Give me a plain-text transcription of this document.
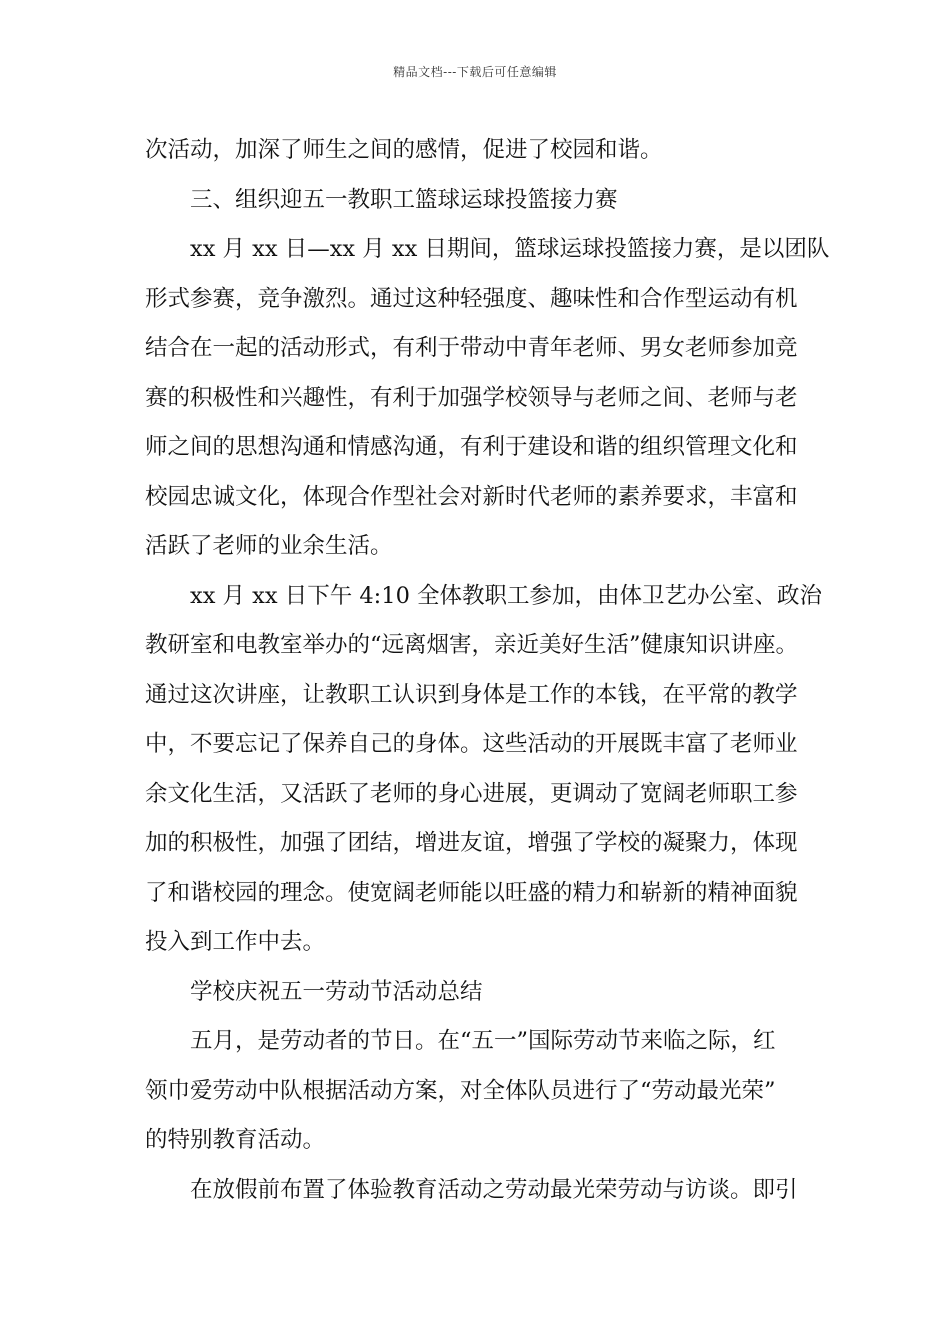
精品文档---下载后可任意编辑
次活动，加深了师生之间的感情，促进了校园和谐。
三、组织迎五一教职工篮球运球投篮接力赛
xx 月 xx 日—xx 月 xx 日期间，篮球运球投篮接力赛，是以团队
形式参赛，竞争激烈。通过这种轻强度、趣味性和合作型运动有机
结合在一起的活动形式，有利于带动中青年老师、男女老师参加竞
赛的积极性和兴趣性，有利于加强学校领导与老师之间、老师与老
师之间的思想沟通和情感沟通，有利于建设和谐的组织管理文化和
校园忠诚文化，体现合作型社会对新时代老师的素养要求，丰富和
活跃了老师的业余生活。
xx 月 xx 日下午 4:10 全体教职工参加，由体卫艺办公室、政治
教研室和电教室举办的“远离烟害，亲近美好生活”健康知识讲座。
通过这次讲座，让教职工认识到身体是工作的本钱，在平常的教学
中，不要忘记了保养自己的身体。这些活动的开展既丰富了老师业
余文化生活，又活跃了老师的身心进展，更调动了宽阔老师职工参
加的积极性，加强了团结，增进友谊，增强了学校的凝聚力，体现
了和谐校园的理念。使宽阔老师能以旺盛的精力和崭新的精神面貌
投入到工作中去。
学校庆祝五一劳动节活动总结
五月，是劳动者的节日。在“五一”国际劳动节来临之际，红
领巾爱劳动中队根据活动方案，对全体队员进行了“劳动最光荣”
的特别教育活动。
在放假前布置了体验教育活动之劳动最光荣劳动与访谈。即引
